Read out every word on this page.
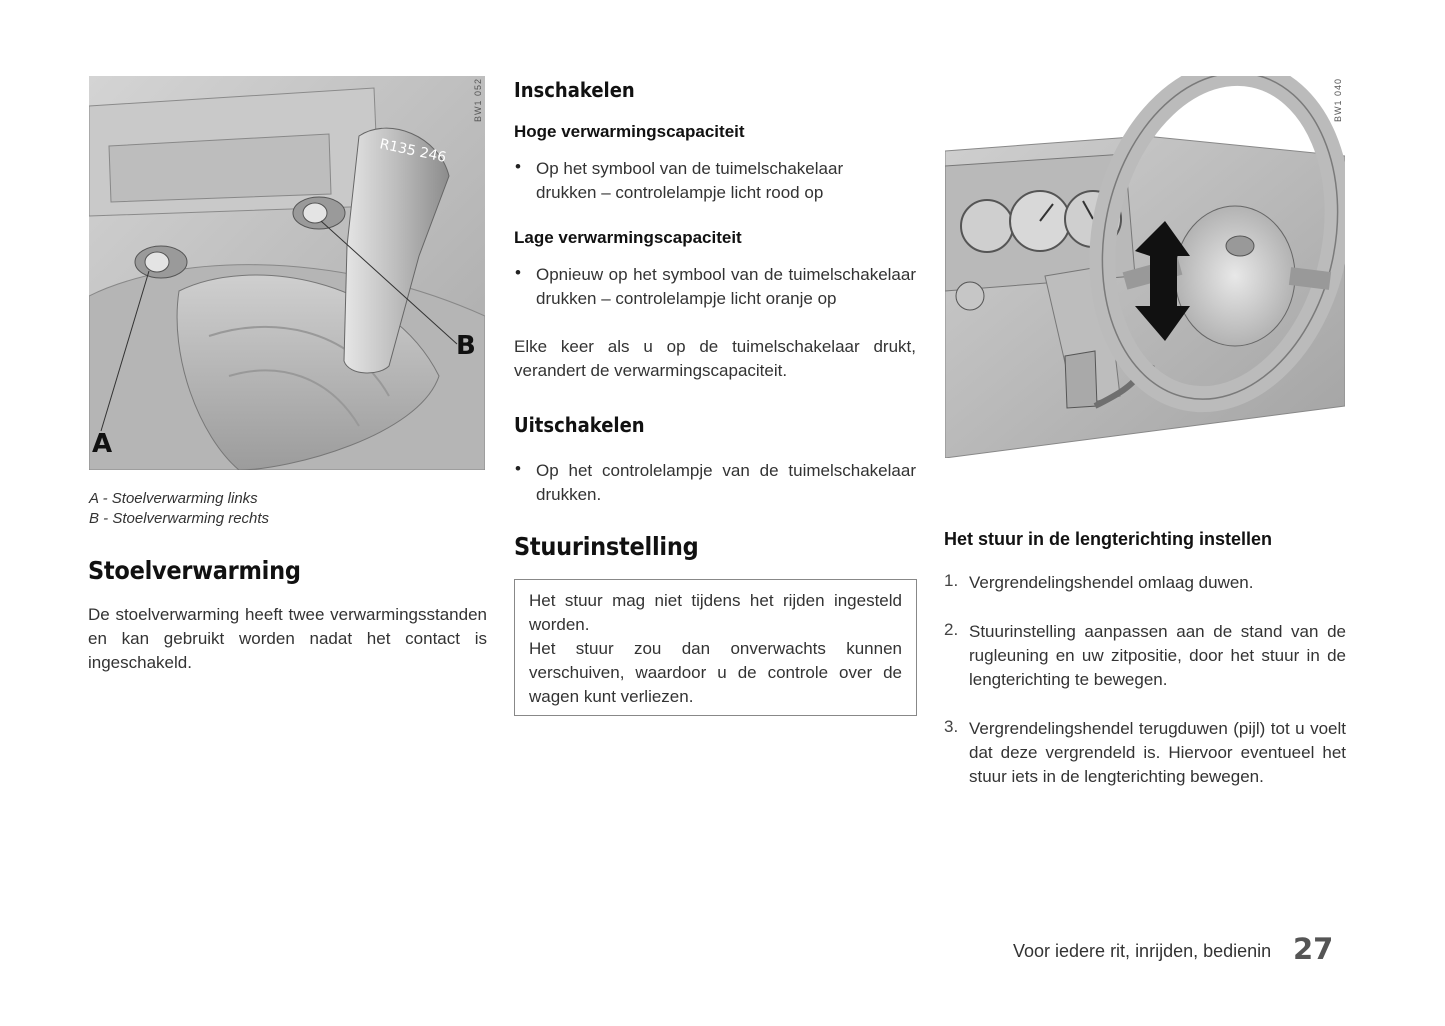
R135 246
BW1 052
A
B
A - Stoelverwarming links
B - Stoelverwarming rechts
Stoelverwarming
De stoelverwarming heeft twee verwarmingsstanden en kan gebruikt worden nadat het contact is ingeschakeld.
Inschakelen
Hoge verwarmingscapaciteit
• Op het symbool van de tuimelschakelaar drukken – controlelampje licht rood op
Lage verwarmingscapaciteit
• Opnieuw op het symbool van de tuimelschakelaar drukken – controlelampje licht oranje op
Elke keer als u op de tuimelschakelaar drukt, verandert de verwarmingscapaciteit.
Uitschakelen
• Op het controlelampje van de tuimelschakelaar drukken.
Stuurinstelling
Het stuur mag niet tijdens het rijden ingesteld worden.
Het stuur zou dan onverwachts kunnen verschuiven, waardoor u de controle over de wagen kunt verliezen.
BW1 040
Het stuur in de lengterichting instellen
1. Vergrendelingshendel omlaag duwen.
2. Stuurinstelling aanpassen aan de stand van de rugleuning en uw zitpositie, door het stuur in de lengterichting te bewegen.
3. Vergrendelingshendel terugduwen (pijl) tot u voelt dat deze vergrendeld is. Hiervoor eventueel het stuur iets in de lengterichting bewegen.
Voor iedere rit, inrijden, bedienin 27
